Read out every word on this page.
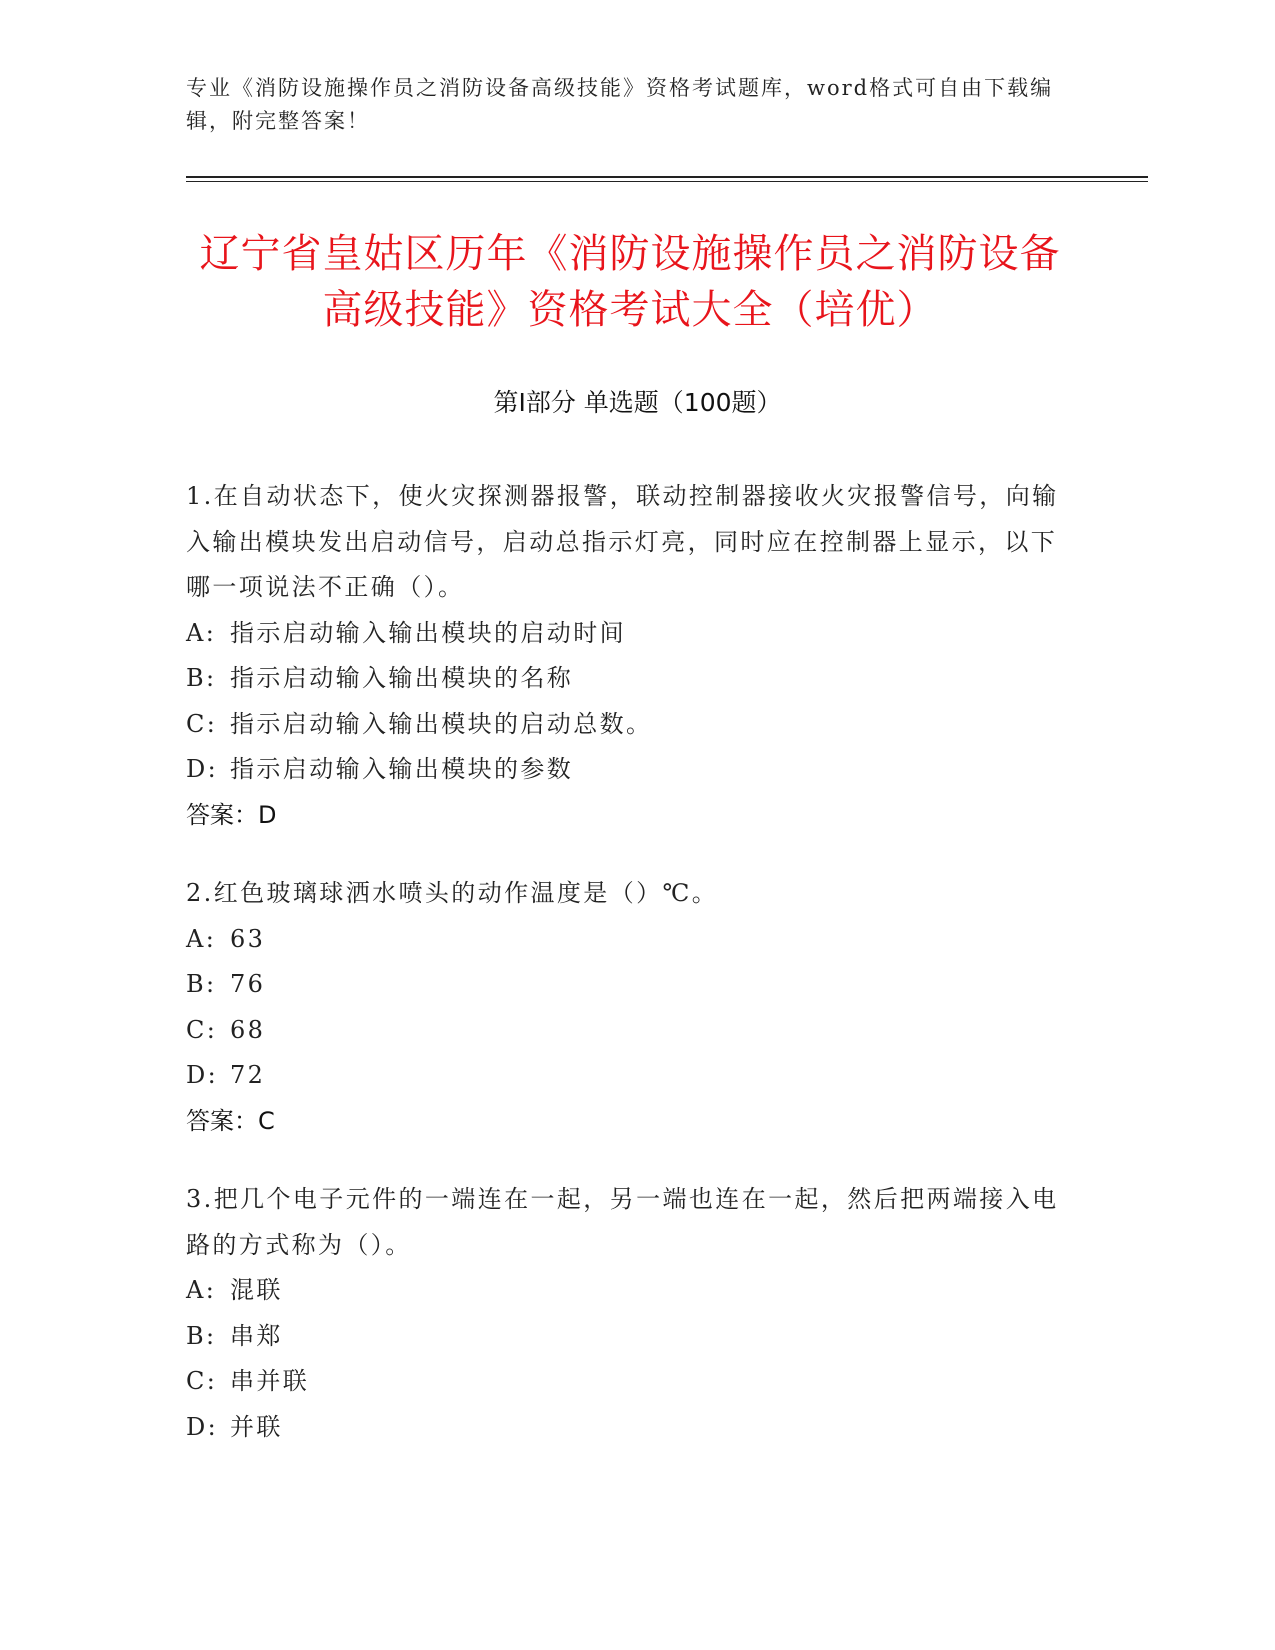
专业《消防设施操作员之消防设备高级技能》资格考试题库，word格式可自由下载编辑，附完整答案！
辽宁省皇姑区历年《消防设施操作员之消防设备高级技能》资格考试大全（培优）
第Ⅰ部分 单选题（100题）
1.在自动状态下，使火灾探测器报警，联动控制器接收火灾报警信号，向输入输出模块发出启动信号，启动总指示灯亮，同时应在控制器上显示，以下哪一项说法不正确（）。
A: 指示启动输入输出模块的启动时间
B: 指示启动输入输出模块的名称
C: 指示启动输入输出模块的启动总数。
D: 指示启动输入输出模块的参数
答案：D
2.红色玻璃球洒水喷头的动作温度是（）℃。
A: 63
B: 76
C: 68
D: 72
答案：C
3.把几个电子元件的一端连在一起，另一端也连在一起，然后把两端接入电路的方式称为（）。
A: 混联
B: 串郑
C: 串并联
D: 并联
